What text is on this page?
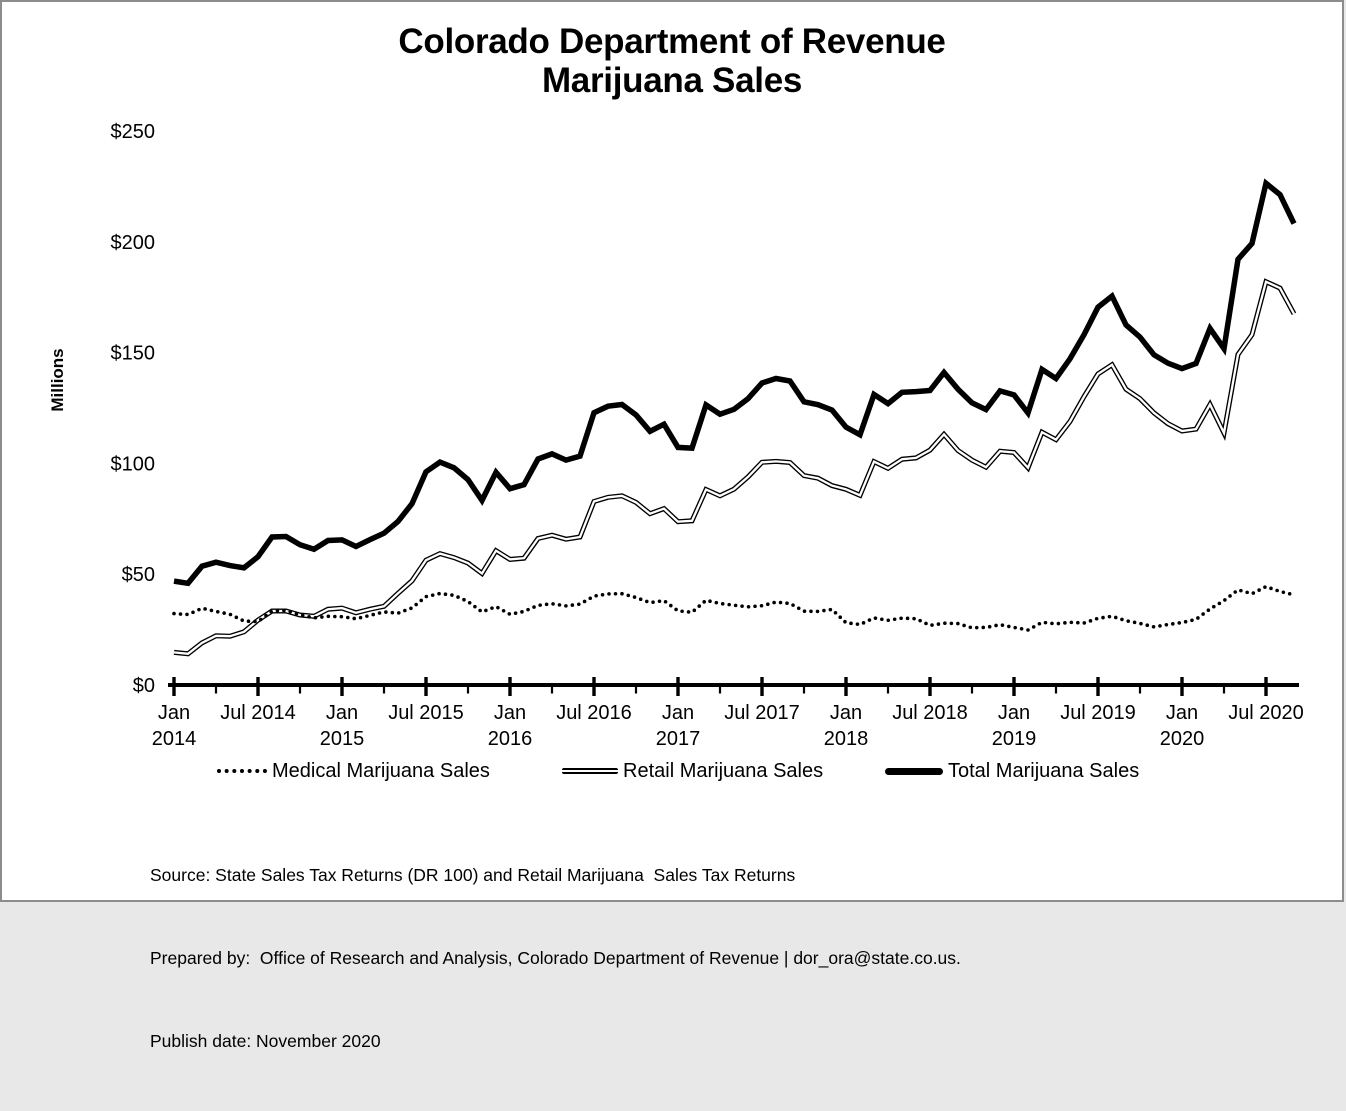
Colorado Department of Revenue
Marijuana Sales
Millions
Jan
2014
Jul 2014 Jan
2015
Jul 2015 Jan
2016
Jul 2016 Jan
2017
Jul 2017 Jan
2018
Jul 2018 Jan
2019
Jul 2019 Jan
2020
Jul 2020
$0
$50
$100
$150
$200
$250
Medical Marijuana Sales	Retail Marijuana Sales	Total Marijuana Sales

Source: State Sales Tax Returns (DR 100) and Retail Marijuana  Sales Tax Returns

Prepared by:  Office of Research and Analysis, Colorado Department of Revenue | dor_ora@state.co.us.

Publish date: November 2020
